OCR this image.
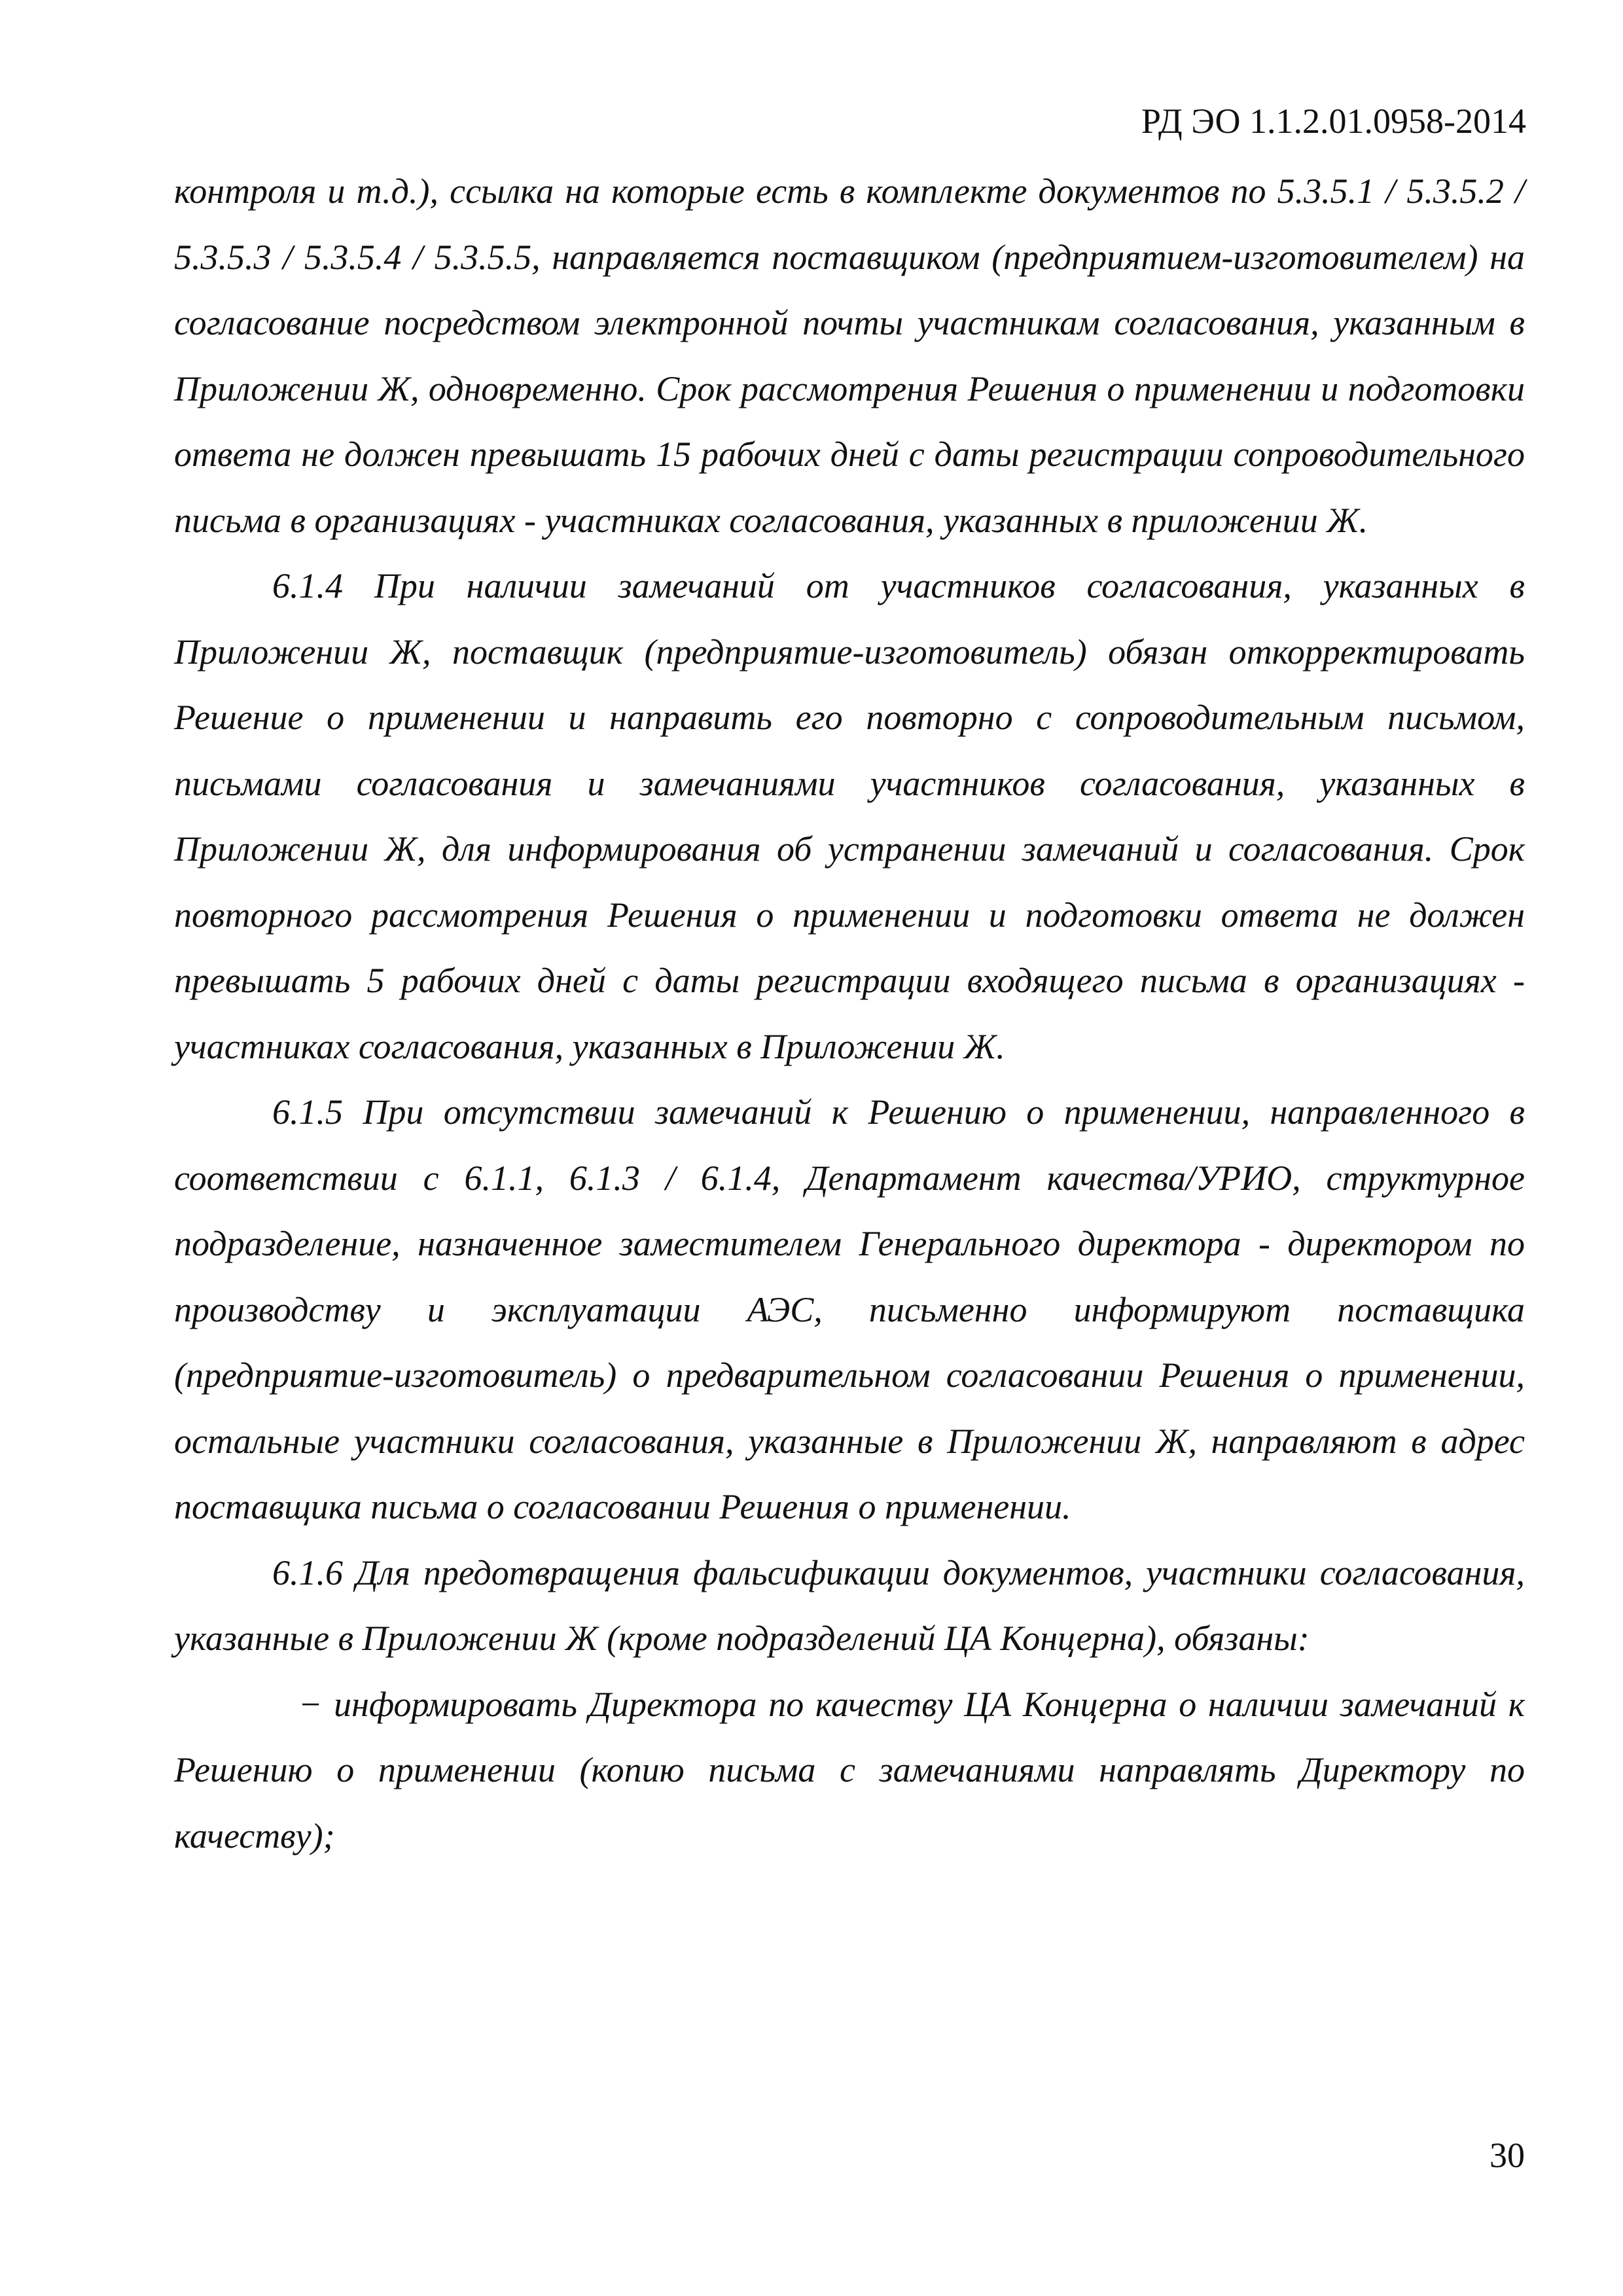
РД ЭО 1.1.2.01.0958-2014

контроля и т.д.), ссылка на которые есть в комплекте документов по 5.3.5.1 / 5.3.5.2 / 5.3.5.3 / 5.3.5.4 / 5.3.5.5, направляется поставщиком (предприятием-изготовителем) на согласование посредством электронной почты участникам согласования, указанным в Приложении Ж, одновременно. Срок рассмотрения Решения о применении и подготовки ответа не должен превышать 15 рабочих дней с даты регистрации сопроводительного письма в организациях - участниках согласования, указанных в приложении Ж.

6.1.4 При наличии замечаний от участников согласования, указанных в Приложении Ж, поставщик (предприятие-изготовитель) обязан откорректировать Решение о применении и направить его повторно с сопроводительным письмом, письмами согласования и замечаниями участников согласования, указанных в Приложении Ж, для информирования об устранении замечаний и согласования. Срок повторного рассмотрения Решения о применении и подготовки ответа не должен превышать 5 рабочих дней с даты регистрации входящего письма в организациях - участниках согласования, указанных в Приложении Ж.

6.1.5 При отсутствии замечаний к Решению о применении, направленного в соответствии с 6.1.1, 6.1.3 / 6.1.4, Департамент качества/УРИО, структурное подразделение, назначенное заместителем Генерального директора - директором по производству и эксплуатации АЭС, письменно информируют поставщика (предприятие-изготовитель) о предварительном согласовании Решения о применении, остальные участники согласования, указанные в Приложении Ж, направляют в адрес поставщика письма о согласовании Решения о применении.

6.1.6 Для предотвращения фальсификации документов, участники согласования, указанные в Приложении Ж (кроме подразделений ЦА Концерна), обязаны:

− информировать Директора по качеству ЦА Концерна о наличии замечаний к Решению о применении (копию письма с замечаниями направлять Директору по качеству);

30
